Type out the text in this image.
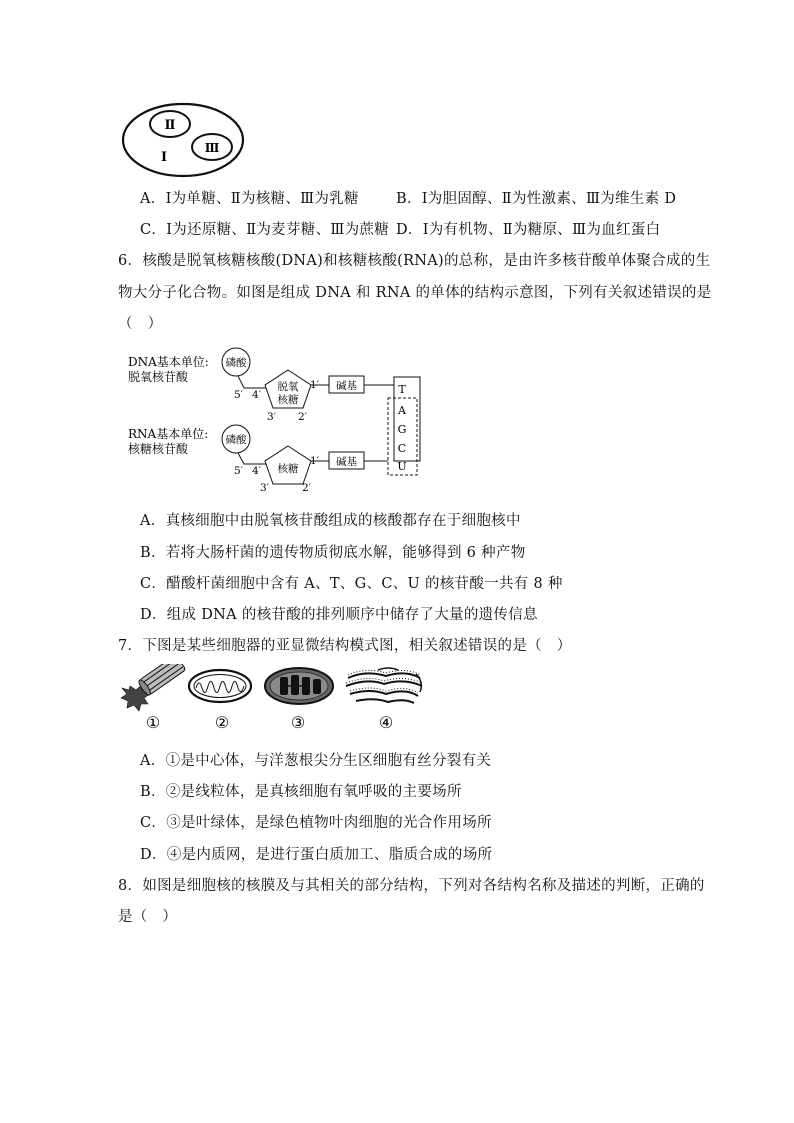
Ⅱ
Ⅲ
Ⅰ
A．Ⅰ为单糖、Ⅱ为核糖、Ⅲ为乳糖	B．Ⅰ为胆固醇、Ⅱ为性激素、Ⅲ为维生素 D
C．Ⅰ为还原糖、Ⅱ为麦芽糖、Ⅲ为蔗糖 D．Ⅰ为有机物、Ⅱ为糖原、Ⅲ为血红蛋白
6．核酸是脱氧核糖核酸(DNA)和核糖核酸(RNA)的总称，是由许多核苷酸单体聚合成的生
物大分子化合物。如图是组成 DNA 和 RNA 的单体的结构示意图，下列有关叙述错误的是
（　）
DNA基本单位:
脱氧核苷酸
磷酸
脱氧
核糖
5′ 4′
1′
3′ 2′
碱基	T
A
G
C
U
RNA基本单位:
核糖核苷酸
磷酸
核糖
5′ 4′
1′
3′	2′
碱基
A．真核细胞中由脱氧核苷酸组成的核酸都存在于细胞核中
B．若将大肠杆菌的遗传物质彻底水解，能够得到 6 种产物
C．醋酸杆菌细胞中含有 A、T、G、C、U 的核苷酸一共有 8 种
D．组成 DNA 的核苷酸的排列顺序中储存了大量的遗传信息
7．下图是某些细胞器的亚显微结构模式图，相关叙述错误的是（　）
①	②	③	④
A．①是中心体，与洋葱根尖分生区细胞有丝分裂有关
B．②是线粒体，是真核细胞有氧呼吸的主要场所
C．③是叶绿体，是绿色植物叶肉细胞的光合作用场所
D．④是内质网，是进行蛋白质加工、脂质合成的场所
8．如图是细胞核的核膜及与其相关的部分结构，下列对各结构名称及描述的判断，正确的
是（　）
